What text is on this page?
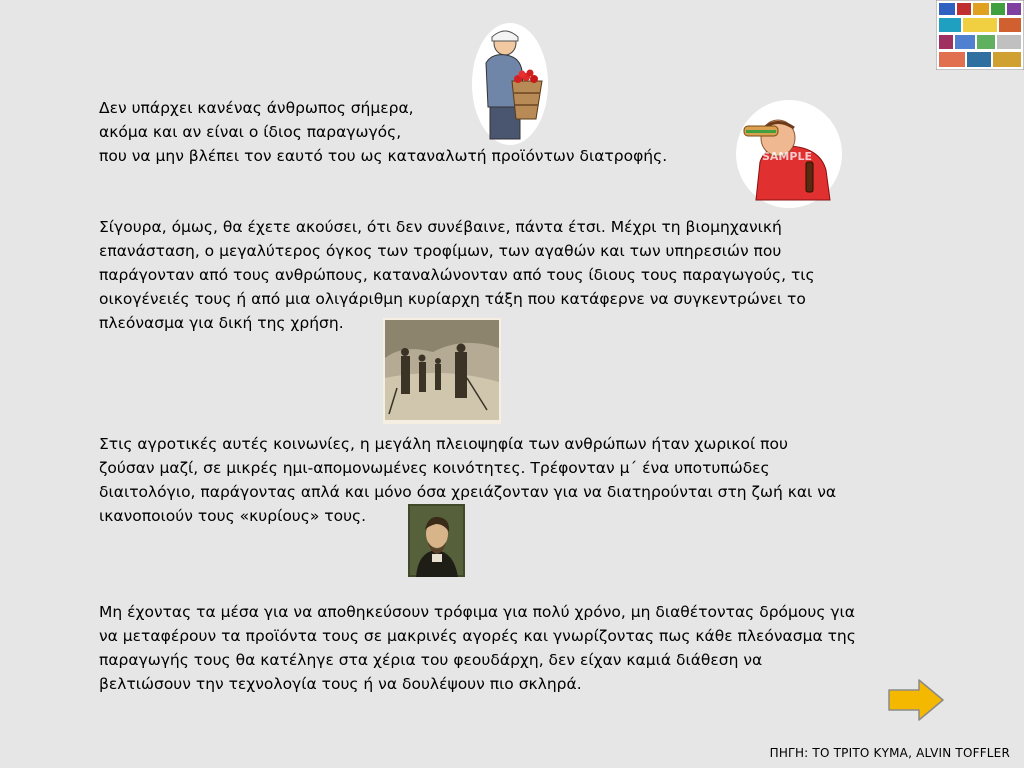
Δεν υπάρχει κανένας άνθρωπος σήμερα,
ακόμα και αν είναι ο ίδιος παραγωγός,
που να μην βλέπει τον εαυτό του ως καταναλωτή προϊόντων διατροφής.

Σίγουρα, όμως, θα έχετε ακούσει, ότι δεν συνέβαινε, πάντα έτσι. Μέχρι τη βιομηχανική
επανάσταση, ο μεγαλύτερος όγκος των τροφίμων, των αγαθών και των υπηρεσιών που
παράγονταν από τους ανθρώπους, καταναλώνονταν από τους ίδιους τους παραγωγούς, τις
οικογένειές τους ή από μια ολιγάριθμη κυρίαρχη τάξη που κατάφερνε να συγκεντρώνει το
πλεόνασμα για δική της χρήση.

Στις αγροτικές αυτές κοινωνίες, η μεγάλη πλειοψηφία των ανθρώπων ήταν χωρικοί που
ζούσαν μαζί, σε μικρές ημι-απομονωμένες κοινότητες. Τρέφονταν μ΄ ένα υποτυπώδες
διαιτολόγιο, παράγοντας απλά και μόνο όσα χρειάζονταν για να διατηρούνται στη ζωή και να
ικανοποιούν τους «κυρίους» τους.

Μη έχοντας τα μέσα για να αποθηκεύσουν τρόφιμα για πολύ χρόνο, μη διαθέτοντας δρόμους για
να μεταφέρουν τα προϊόντα τους σε μακρινές αγορές και γνωρίζοντας πως κάθε πλεόνασμα της
παραγωγής τους θα κατέληγε στα χέρια του φεουδάρχη, δεν είχαν καμιά διάθεση να
βελτιώσουν την τεχνολογία τους ή να δουλέψουν πιο σκληρά.

SAMPLE
ΠΗΓΗ: ΤΟ ΤΡΙΤΟ ΚΥΜΑ, ALVIN TOFFLER
